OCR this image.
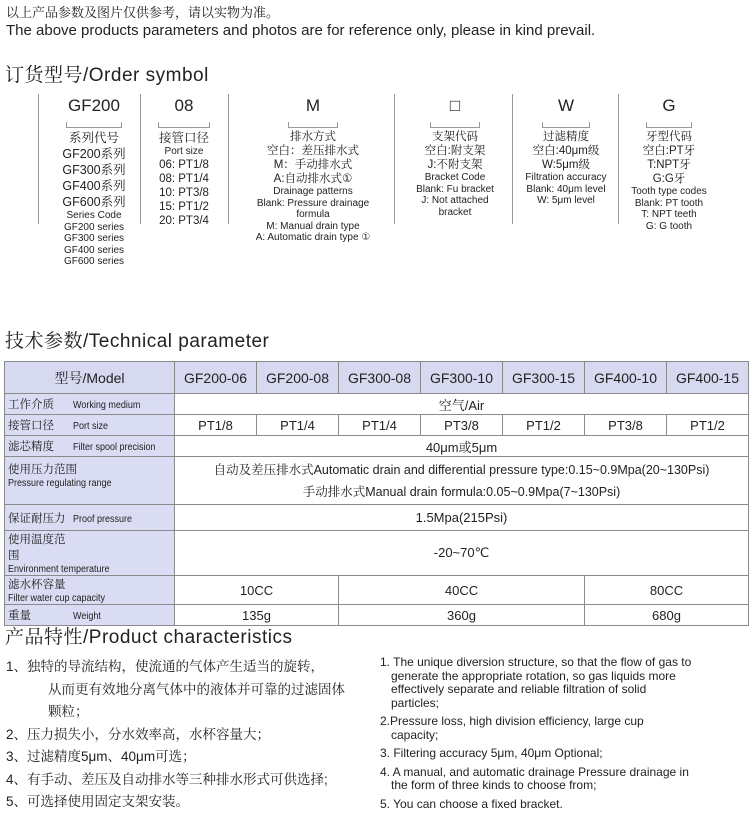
以上产品参数及图片仅供参考，请以实物为准。
The above products parameters and photos are for reference only, please in kind prevail.
订货型号/Order symbol
GF200
系列代号
GF200系列
GF300系列
GF400系列
GF600系列
Series Code
GF200 series
GF300 series
GF400 series
GF600 series
08
接管口径
Port size
06: PT1/8
08: PT1/4
10: PT3/8
15: PT1/2
20: PT3/4
M
排水方式
空白：差压排水式
M：手动排水式
A:自动排水式①
Drainage patterns
Blank: Pressure drainage
formula
M: Manual drain type
A: Automatic drain type ①
□
支架代码
空白:附支架
J:不附支架
Bracket Code
Blank: Fu bracket
J: Not attached
bracket
W
过滤精度
空白:40μm级
W:5μm级
Filtration accuracy
Blank: 40μm level
W: 5μm level
G
牙型代码
空白:PT牙
T:NPT牙
G:G牙
Tooth type codes
Blank: PT tooth
T: NPT teeth
G: G tooth
技术参数/Technical parameter
型号/Model	GF200-06	GF200-08	GF300-08	GF300-10	GF300-15	GF400-10	GF400-15
工作介质 Working medium	空气/Air						
接管口径 Port size	PT1/8	PT1/4	PT1/4	PT3/8	PT1/2	PT3/8	PT1/2
滤芯精度 Filter spool precision	40μm或5μm						
使用压力范围Pressure regulating range	自动及差压排水式Automatic drain and differential pressure type:0.15~0.9Mpa(20~130Psi)
手动排水式Manual drain formula:0.05~0.9Mpa(7~130Psi)						

保证耐压力 Proof pressure	1.5Mpa(215Psi)						
使用温度范围Environment temperature	-20~70℃						
滤水杯容量Filter water cup capacity	10CC		40CC			80CC	
重量 Weight	135g		360g			680g	
产品特性/Product characteristics
1、独特的导流结构，使流通的气体产生适当的旋转，
从而更有效地分离气体中的液体并可靠的过滤固体
颗粒；
2、压力损失小，分水效率高，水杯容量大；
3、过滤精度5μm、40μm可选；
4、有手动、差压及自动排水等三种排水形式可供选择;
5、可选择使用固定支架安装。
1. The unique diversion structure, so that the flow of gas to
generate the appropriate rotation, so gas liquids more
effectively separate and reliable filtration of solid
particles;
2.Pressure loss, high division efficiency, large cup
capacity;
3. Filtering accuracy 5μm, 40μm Optional;
4. A manual, and automatic drainage Pressure drainage in
the form of three kinds to choose from;
5. You can choose a fixed bracket.
